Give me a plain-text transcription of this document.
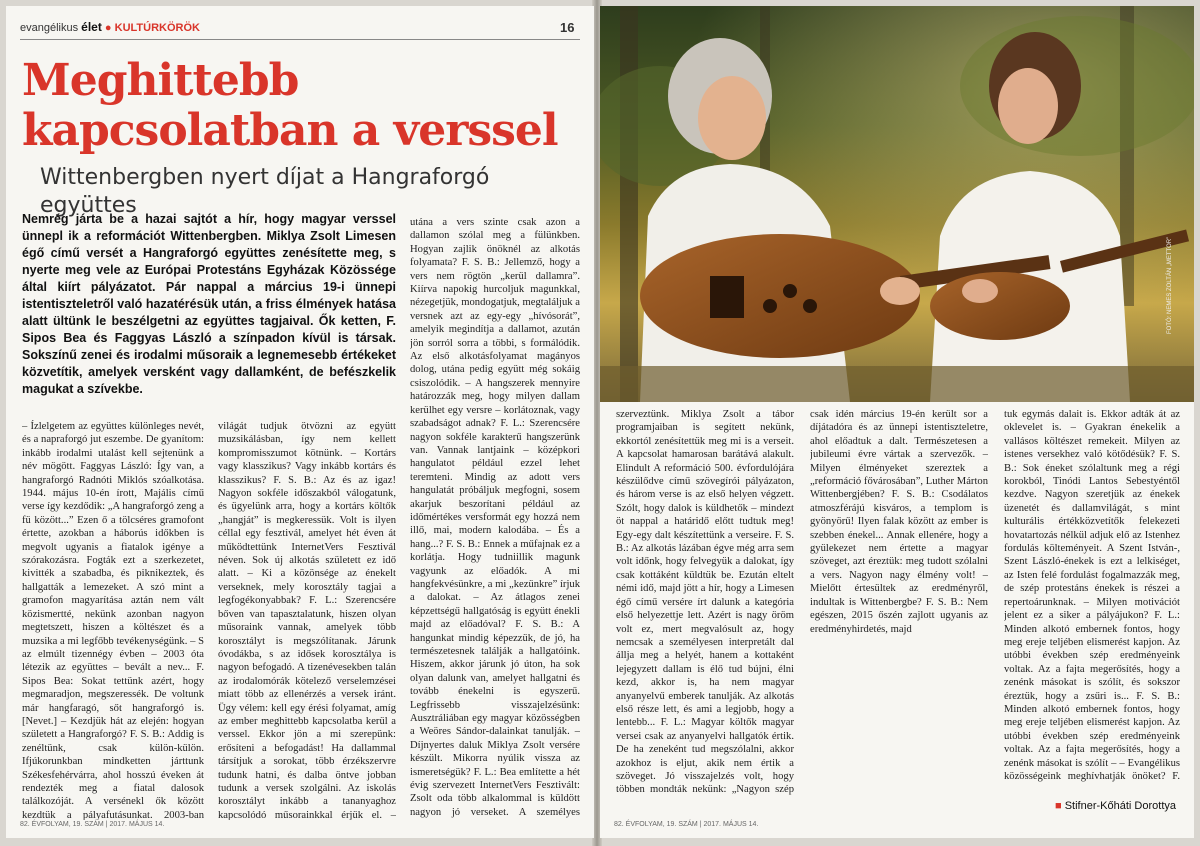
evangélikus élet ● KULTÚRKÖRÖK	16
Meghittebb kapcsolatban a verssel
Wittenbergben nyert díjat a Hangraforgó együttes

Nemrég járta be a hazai sajtót a hír, hogy magyar verssel ünnepl ik a reformációt Wittenbergben. Miklya Zsolt Limesen égő című versét a Hangraforgó együttes zenésítette meg, s nyerte meg vele az Európai Protestáns Egyházak Közössége által kiírt pályázatot. Pár nappal a március 19-i ünnepi istentiszteletről való hazatérésük után, a friss élmények hatása alatt ültünk le beszélgetni az együttes tagjaival. Ők ketten, F. Sipos Bea és Faggyas László a színpadon kívül is társak. Sokszínű zenei és irodalmi műsoraik a legnemesebb értékeket közvetítik, amelyek versként vagy dallamként, de befészkelik magukat a szívekbe.

– Ízlelgetem az együttes különleges nevét, és a napraforgó jut eszembe. De gyanítom: inkább irodalmi utalást kell sejtenünk a név mögött. Faggyas László: Így van, a hangraforgó Radnóti Miklós szóalkotása. 1944. május 10-én írott, Majális című verse így kezdődik: „A hangraforgó zeng a fü között...” Ezen ő a tölcséres gramofont értette, azokban a háborús időkben is megvolt ugyanis a fiatalok igénye a szórakozásra. Fogták ezt a szerkezetet, kivitték a szabadba, és piknikeztek, és hallgatták a lemezeket. A szó mint a gramofon magyarítása aztán nem vált közismertté, nekünk azonban nagyon megtetszett, hiszen a költészet és a muzsika a mi legfőbb tevékenységünk. – S az elmúlt tizennégy évben – 2003 óta létezik az együttes – bevált a nev... F. Sipos Bea: Sokat tettünk azért, hogy megmaradjon, megszeressék. De voltunk már hangfaragó, sőt hangraforgó is. [Nevet.] – Kezdjük hát az elején: hogyan született a Hangraforgó? F. S. B.: Addig is zenéltünk, csak külön-külön. Ifjúkorunkban mindketten járttunk Székesfehérvárra, ahol hosszú éveken át rendezték meg a fiatal dalosok találkozóját. A versénekl ők között kezdtük a pályafutásunkat. 2003-ban

világát tudjuk ötvözni az együtt muzsikálásban, így nem kellett kompromisszumot kötnünk. – Kortárs vagy klasszikus? Vagy inkább kortárs és klasszikus? F. S. B.: Az és az igaz! Nagyon sokféle időszakból válogatunk, és ügyelünk arra, hogy a kortárs költők „hangját” is megkeressük. Volt is ilyen céllal egy fesztivál, amelyet hét éven át működtettünk InternetVers Fesztivál néven. Sok új alkotás született ez idő alatt. – Ki a közönsége az énekelt verseknek, mely korosztály tagjai a legfogékonyabbak? F. L.: Szerencsére bőven van tapasztalatunk, hiszen olyan műsoraink vannak, amelyek több korosztályt is megszólítanak. Járunk óvodákba, s az idősek korosztálya is nagyon befogadó. A tizenévesekben talán az irodalomórák kötelező verselemzései miatt több az ellenérzés a versek iránt. Ügy vélem: kell egy érési folyamat, amíg az ember meghittebb kapcsolatba kerül a verssel. Ekkor jön a mi szerepünk: erősíteni a befogadást! Ha dallammal társítjuk a sorokat, több érzékszervre tudunk hatni, és dalba öntve jobban tudunk a versek szolgálni. Az iskolás korosztályt inkább a tananyaghoz kapcsolódó műsorainkkal érjük el. –

utána a vers szinte csak azon a dallamon szólal meg a fülünkben. Hogyan zajlik önöknél az alkotás folyamata? F. S. B.: Jellemző, hogy a vers nem rögtön „kerül dallamra”. Kiírva napokig hurcoljuk magunkkal, nézegetjük, mondogatjuk, megtaláljuk a versnek azt az egy-egy „hívósorát”, amelyik megindítja a dallamot, azután jön sorról sorra a többi, s formálódik. Az első alkotásfolyamat magányos dolog, utána pedig együtt még sokáig csiszolódik. – A hangszerek mennyire határozzák meg, hogy milyen dallam kerülhet egy versre – korlátoznak, vagy szabadságot adnak? F. L.: Szerencsére nagyon sokféle karakterű hangszerünk van. Vannak lantjaink – középkori hangulatot például ezzel lehet teremteni. Mindig az adott vers hangulatát próbáljuk megfogni, sosem akarjuk beszorítani például az időmértékes versformát egy hozzá nem illő, mai, modern kalodába. – És a hang...? F. S. B.: Ennek a műfajnak ez a korlátja. Hogy tudniillik magunk vagyunk az előadók. A mi hangfekvésünkre, a mi „kezünkre” írjuk a dalokat. – Az átlagos zenei képzettségű hallgatóság is együtt énekli majd az előadóval? F. S. B.: A hangunkat mindig képezzük, de jó, ha természetesnek találják a hallgatóink. Hiszem, akkor járunk jó úton, ha sok olyan dalunk van, amelyet hallgatni és tovább énekelni is egyszerű. Legfrissebb visszajelzésünk: Ausztráliában egy magyar közösségben a Weöres Sándor-dalainkat tanulják. – Díjnyertes daluk Miklya Zsolt versére készült. Mikorra nyúlik vissza az ismeretségük? F. L.: Bea említette a hét évig szervezett InternetVers Fesztivált: Zsolt oda több alkalommal is küldött nagyon jó verseket. A személyes

82. ÉVFOLYAM, 19. SZÁM | 2017. MÁJUS 14.
FOTÓ: NEMES ZOLTÁN „METTOR”

szerveztünk. Miklya Zsolt a tábor programjaiban is segített nekünk, ekkortól zenésítettük meg mi is a verseit. A kapcsolat hamarosan barátává alakult. Elindult A reformáció 500. évfordulójára készülődve című szövegírói pályázaton, és három verse is az első helyen végzett. Szólt, hogy dalok is küldhetők – mindezt öt nappal a határidő előtt tudtuk meg! Egy-egy dalt készítettünk a verseire. F. S. B.: Az alkotás lázában égve még arra sem volt időnk, hogy felvegyük a dalokat, így csak kottáként küldtük be. Ezután eltelt némi idő, majd jött a hír, hogy a Limesen égő című versére írt dalunk a kategória első helyezettje lett. Azért is nagy öröm volt ez, mert megvalósult az, hogy nemcsak a személyesen interpretált dal állja meg a helyét, hanem a kottaként lejegyzett dallam is élő tud bújni, élni kezd, akkor is, ha nem magyar anyanyelvű emberek tanulják. Az alkotás első része lett, és ami a legjobb, hogy a lentebb... F. L.: Magyar költők magyar versei csak az anyanyelvi hallgatók értik. De ha zeneként tud megszólalni, akkor azokhoz is eljut, akik nem értik a szöveget. Jó visszajelzés volt, hogy többen mondták nekünk: „Nagyon szép

csak idén március 19-én került sor a díjátadóra és az ünnepi istentiszteletre, ahol előadtuk a dalt. Természetesen a jubileumi évre vártak a szervezők. – Milyen élményeket szereztek a „reformáció fővárosában”, Luther Márton Wittenbergjében? F. S. B.: Csodálatos atmoszférájú kisváros, a templom is gyönyörű! Ilyen falak között az ember is szebben énekel... Annak ellenére, hogy a gyülekezet nem értette a magyar szöveget, azt éreztük: meg tudott szólalni a vers. Nagyon nagy élmény volt! – Mielőtt értesültek az eredményről, indultak is Wittenbergbe? F. S. B.: Nem egészen, 2015 őszén zajlott ugyanis az eredményhirdetés, majd

tuk egymás dalait is. Ekkor adták át az oklevelet is. – Gyakran énekelik a vallásos költészet remekeit. Milyen az istenes versekhez való kötődésük? F. S. B.: Sok éneket szólaltunk meg a régi korokból, Tinódi Lantos Sebestyéntől kezdve. Nagyon szeretjük az énekek üzenetét és dallamvilágát, s mint kulturális értékközvetítők felekezeti hovatartozás nélkül adjuk elő az Istenhez fordulás költeményeit. A Szent István-, Szent László-énekek is ezt a lelkiséget, az Isten felé fordulást fogalmazzák meg, de szép protestáns énekek is részei a repertoárunknak. – Milyen motivációt jelent ez a siker a pályájukon? F. L.: Minden alkotó embernek fontos, hogy meg ereje teljében elismerést kapjon. Az utóbbi években szép eredményeink voltak. Az a fajta megerősítés, hogy a zenénk másokat is szólít, és sokszor éreztük, hogy a zsűri is... F. S. B.: Minden alkotó embernek fontos, hogy meg ereje teljében elismerést kapjon. Az utóbbi években szép eredményeink voltak. Az a fajta megerősítés, hogy a zenénk másokat is szólít – – Evangélikus közösségeink meghívhatják önöket? F.

■ Stifner-Kőháti Dorottya
82. ÉVFOLYAM, 19. SZÁM | 2017. MÁJUS 14.
